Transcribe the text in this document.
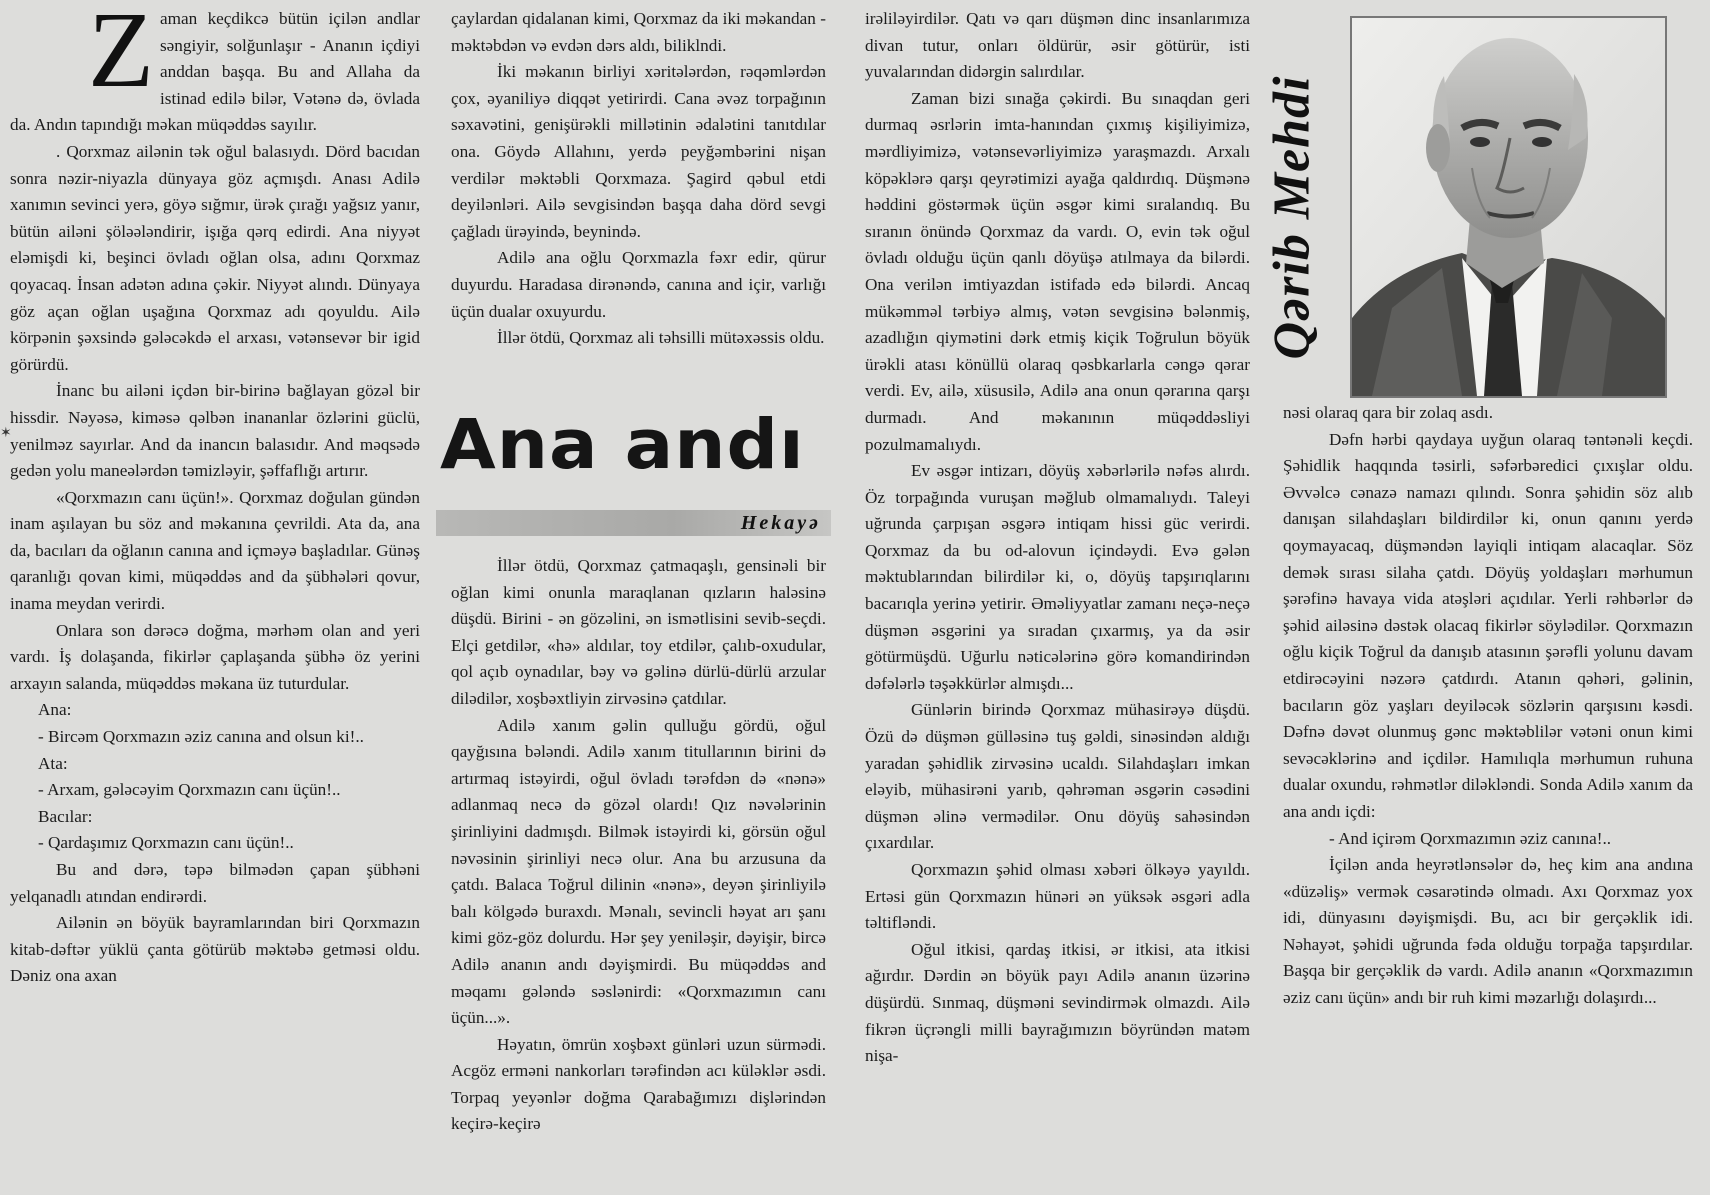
Zaman keçdikcə bütün içilən andlar səngiyir, solğunlaşır - Ananın içdiyi anddan başqa. Bu and Allaha da istinad edilə bilər, Vətənə də, övlada da. Andın tapındığı məkan müqəddəs sayılır.

. Qorxmaz ailənin tək oğul balasıydı. Dörd bacıdan sonra nəzir-niyazla dünyaya göz açmışdı. Anası Adilə xanımın sevinci yerə, göyə sığmır, ürək çırağı yağsız yanır, bütün ailəni şöləələndirir, işığa qərq edirdi. Ana niyyət eləmişdi ki, beşinci övladı oğlan olsa, adını Qorxmaz qoyacaq. İnsan adətən adına çəkir. Niyyət alındı. Dünyaya göz açan oğlan uşağına Qorxmaz adı qoyuldu. Ailə körpənin şəxsində gələcəkdə el arxası, vətənsevər bir igid görürdü.

İnanc bu ailəni içdən bir-birinə bağlayan gözəl bir hissdir. Nəyəsə, kiməsə qəlbən inananlar özlərini güclü, yenilməz sayırlar. And da inancın balasıdır. And məqsədə gedən yolu maneələrdən təmizləyir, şəffaflığı artırır.

«Qorxmazın canı üçün!». Qorxmaz doğulan gündən inam aşılayan bu söz and məkanına çevrildi. Ata da, ana da, bacıları da oğlanın canına and içməyə başladılar. Günəş qaranlığı qovan kimi, müqəddəs and da şübhələri qovur, inama meydan verirdi.

Onlara son dərəcə doğma, mərhəm olan and yeri vardı. İş dolaşanda, fikirlər çaplaşanda şübhə öz yerini arxayın salanda, müqəddəs məkana üz tuturdular.

Ana:

- Bircəm Qorxmazın əziz canına and olsun ki!..

Ata:

- Arxam, gələcəyim Qorxmazın canı üçün!..

Bacılar:

- Qardaşımız Qorxmazın canı üçün!..

Bu and dərə, təpə bilmədən çapan şübhəni yelqanadlı atından endirərdi.

Ailənin ən böyük bayramlarından biri Qorxmazın kitab-dəftər yüklü çanta götürüb məktəbə getməsi oldu. Dəniz ona axan

çaylardan qidalanan kimi, Qorxmaz da iki məkandan - məktəbdən və evdən dərs aldı, biliklndi.

İki məkanın birliyi xəritələrdən, rəqəmlərdən çox, əyaniliyə diqqət yetirirdi. Cana əvəz torpağının səxavətini, genişürəkli millətinin ədalətini tanıtdılar ona. Göydə Allahını, yerdə peyğəmbərini nişan verdilər məktəbli Qorxmaza. Şagird qəbul etdi deyilənləri. Ailə sevgisindən başqa daha dörd sevgi çağladı ürəyində, beynində.

Adilə ana oğlu Qorxmazla fəxr edir, qürur duyurdu. Haradasa dirənəndə, canına and içir, varlığı üçün dualar oxuyurdu.

İllər ötdü, Qorxmaz ali təhsilli mütəxəssis oldu.

Ana andı
Hekayə

İllər ötdü, Qorxmaz çatmaqaşlı, gensinəli bir oğlan kimi onunla maraqlanan qızların haləsinə düşdü. Birini - ən gözəlini, ən ismətlisini sevib-seçdi. Elçi getdilər, «hə» aldılar, toy etdilər, çalıb-oxudular, qol açıb oynadılar, bəy və gəlinə dürlü-dürlü arzular dilədilər, xoşbəxtliyin zirvəsinə çatdılar.

Adilə xanım gəlin qulluğu gördü, oğul qayğısına bələndi. Adilə xanım titullarının birini də artırmaq istəyirdi, oğul övladı tərəfdən də «nənə» adlanmaq necə də gözəl olardı! Qız nəvələrinin şirinliyini dadmışdı. Bilmək istəyirdi ki, görsün oğul nəvəsinin şirinliyi necə olur. Ana bu arzusuna da çatdı. Balaca Toğrul dilinin «nənə», deyən şirinliyilə balı kölgədə buraxdı. Mənalı, sevincli həyat arı şanı kimi göz-göz dolurdu. Hər şey yeniləşir, dəyişir, bircə Adilə ananın andı dəyişmirdi. Bu müqəddəs and məqamı gələndə səslənirdi: «Qorxmazımın canı üçün...».

Həyatın, ömrün xoşbəxt günləri uzun sürmədi. Acgöz erməni nankorları tərəfindən acı küləklər əsdi. Torpaq yeyənlər doğma Qarabağımızı dişlərindən keçirə-keçirə

irəliləyirdilər. Qatı və qarı düşmən dinc insanlarımıza divan tutur, onları öldürür, əsir götürür, isti yuvalarından didərgin salırdılar.

Zaman bizi sınağa çəkirdi. Bu sınaqdan geri durmaq əsrlərin imta-hanından çıxmış kişiliyimizə, mərdliyimizə, vətənsevərliyimizə yaraşmazdı. Arxalı köpəklərə qarşı qeyrətimizi ayağa qaldırdıq. Düşmənə həddini göstərmək üçün əsgər kimi sıralandıq. Bu sıranın önündə Qorxmaz da vardı. O, evin tək oğul övladı olduğu üçün qanlı döyüşə atılmaya da bilərdi. Ona verilən imtiyazdan istifadə edə bilərdi. Ancaq mükəmməl tərbiyə almış, vətən sevgisinə bələnmiş, azadlığın qiymətini dərk etmiş kiçik Toğrulun böyük ürəkli atası könüllü olaraq qəsbkarlarla cəngə qərar verdi. Ev, ailə, xüsusilə, Adilə ana onun qərarına qarşı durmadı. And məkanının müqəddəsliyi pozulmamalıydı.

Ev əsgər intizarı, döyüş xəbərlərilə nəfəs alırdı. Öz torpağında vuruşan məğlub olmamalıydı. Taleyi uğrunda çarpışan əsgərə intiqam hissi güc verirdi. Qorxmaz da bu od-alovun içindəydi. Evə gələn məktublarından bilirdilər ki, o, döyüş tapşırıqlarını bacarıqla yerinə yetirir. Əməliyyatlar zamanı neçə-neçə düşmən əsgərini ya sıradan çıxarmış, ya da əsir götürmüşdü. Uğurlu nəticələrinə görə komandirindən dəfələrlə təşəkkürlər almışdı...

Günlərin birində Qorxmaz mühasirəyə düşdü. Özü də düşmən gülləsinə tuş gəldi, sinəsindən aldığı yaradan şəhidlik zirvəsinə ucaldı. Silahdaşları imkan eləyib, mühasirəni yarıb, qəhrəman əsgərin cəsədini düşmən əlinə vermədilər. Onu döyüş sahəsindən çıxardılar.

Qorxmazın şəhid olması xəbəri ölkəyə yayıldı. Ertəsi gün Qorxmazın hünəri ən yüksək əsgəri adla təltifləndi.

Oğul itkisi, qardaş itkisi, ər itkisi, ata itkisi ağırdır. Dərdin ən böyük payı Adilə ananın üzərinə düşürdü. Sınmaq, düşməni sevindirmək olmazdı. Ailə fikrən üçrəngli milli bayrağımızın böyründən matəm nişa-

Qərib Mehdi

nəsi olaraq qara bir zolaq asdı.

Dəfn hərbi qaydaya uyğun olaraq təntənəli keçdi. Şəhidlik haqqında təsirli, səfərbəredici çıxışlar oldu. Əvvəlcə cənazə namazı qılındı. Sonra şəhidin söz alıb danışan silahdaşları bildirdilər ki, onun qanını yerdə qoymayacaq, düşməndən layiqli intiqam alacaqlar. Söz demək sırası silaha çatdı. Döyüş yoldaşları mərhumun şərəfinə havaya vida atəşləri açıdılar. Yerli rəhbərlər də şəhid ailəsinə dəstək olacaq fikirlər söylədilər. Qorxmazın oğlu kiçik Toğrul da danışıb atasının şərəfli yolunu davam etdirəcəyini nəzərə çatdırdı. Atanın qəhəri, gəlinin, bacıların göz yaşları deyiləcək sözlərin qarşısını kəsdi. Dəfnə dəvət olunmuş gənc məktəblilər vətəni onun kimi sevəcəklərinə and içdilər. Hamılıqla mərhumun ruhuna dualar oxundu, rəhmətlər diləkləndi. Sonda Adilə xanım da ana andı içdi:

- And içirəm Qorxmazımın əziz canına!..

İçilən anda heyrətlənsələr də, heç kim ana andına «düzəliş» vermək cəsarətində olmadı. Axı Qorxmaz yox idi, dünyasını dəyişmişdi. Bu, acı bir gerçəklik idi. Nəhayət, şəhidi uğrunda fəda olduğu torpağa tapşırdılar. Başqa bir gerçəklik də vardı. Adilə ananın «Qorxmazımın əziz canı üçün» andı bir ruh kimi məzarlığı dolaşırdı...

✶
